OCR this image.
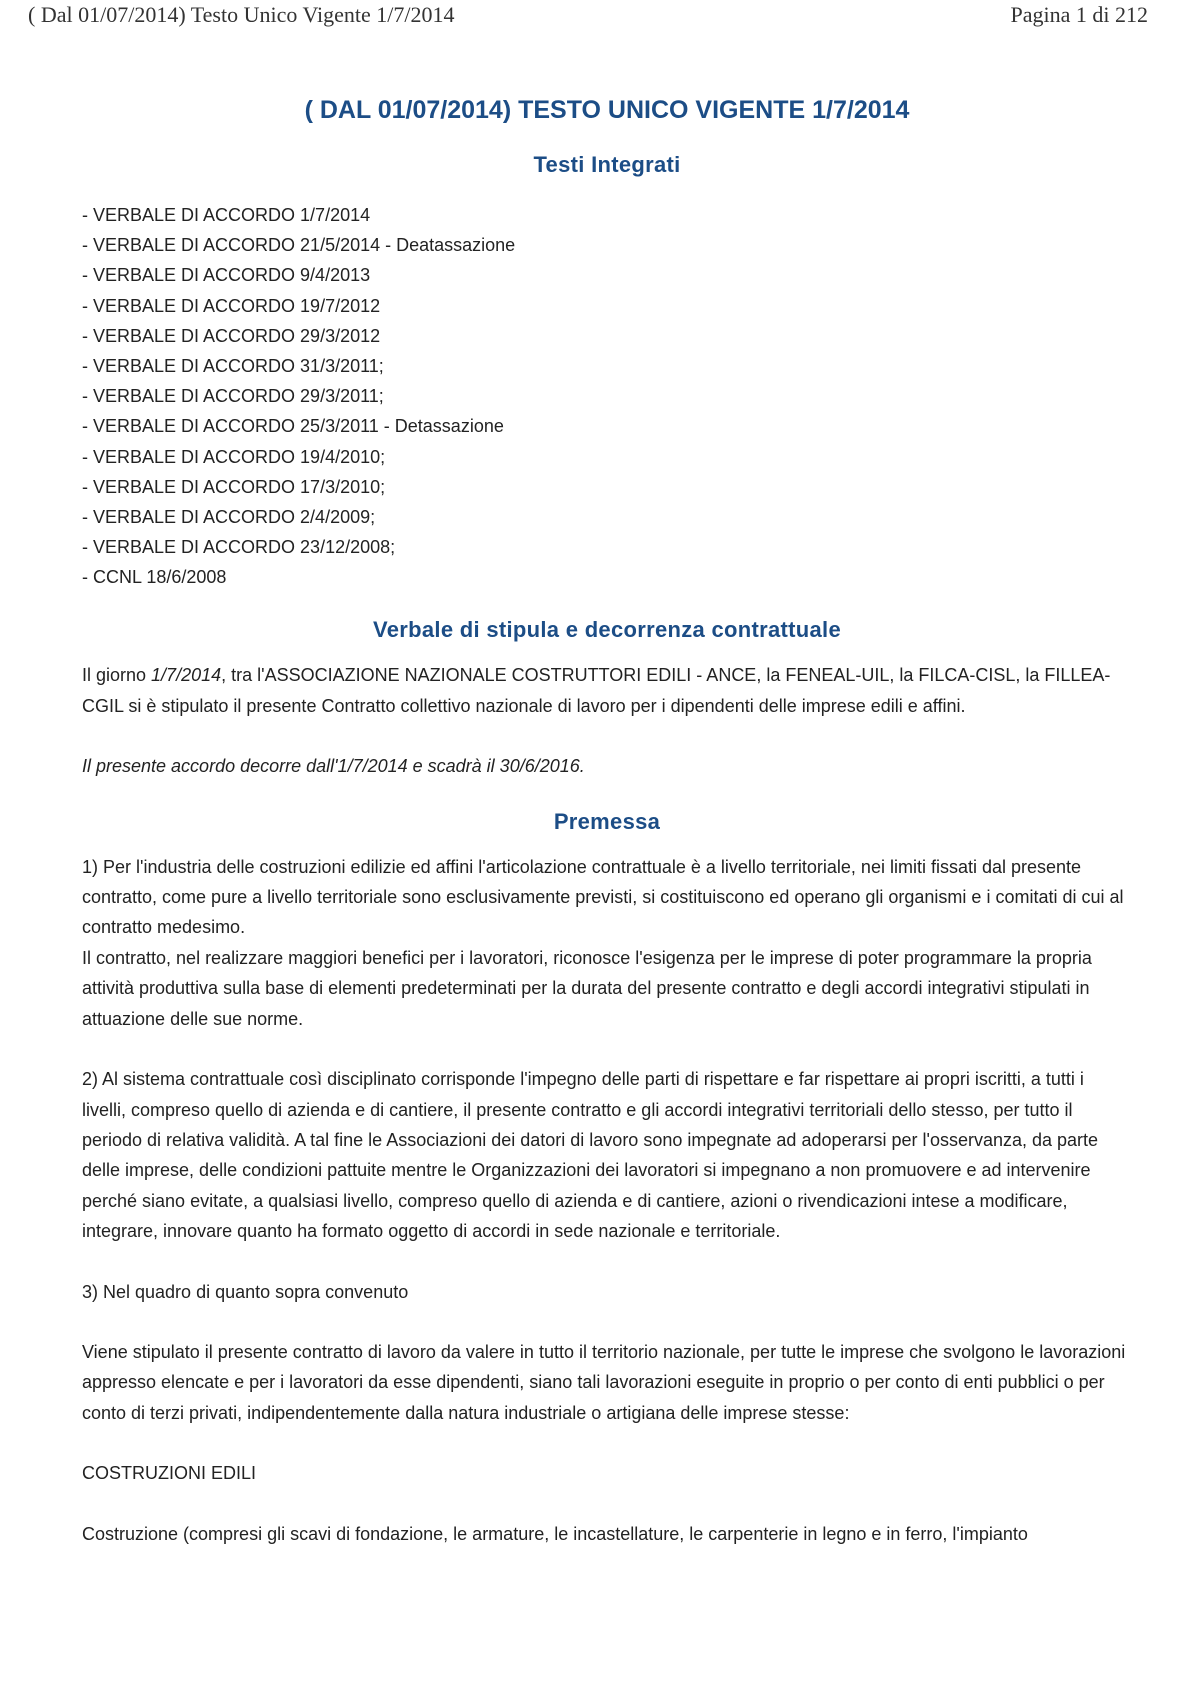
( Dal 01/07/2014) Testo Unico Vigente 1/7/2014	Pagina 1 di 212
( DAL 01/07/2014) TESTO UNICO VIGENTE 1/7/2014
Testi Integrati
- VERBALE DI ACCORDO 1/7/2014
- VERBALE DI ACCORDO 21/5/2014 - Deatassazione
- VERBALE DI ACCORDO 9/4/2013
- VERBALE DI ACCORDO 19/7/2012
- VERBALE DI ACCORDO 29/3/2012
- VERBALE DI ACCORDO 31/3/2011;
- VERBALE DI ACCORDO 29/3/2011;
- VERBALE DI ACCORDO 25/3/2011 - Detassazione
- VERBALE DI ACCORDO 19/4/2010;
- VERBALE DI ACCORDO 17/3/2010;
- VERBALE DI ACCORDO 2/4/2009;
- VERBALE DI ACCORDO 23/12/2008;
- CCNL 18/6/2008
Verbale di stipula e decorrenza contrattuale

Il giorno 1/7/2014, tra l'ASSOCIAZIONE NAZIONALE COSTRUTTORI EDILI - ANCE, la FENEAL-UIL, la FILCA-CISL, la FILLEA-CGIL si è stipulato il presente Contratto collettivo nazionale di lavoro per i dipendenti delle imprese edili e affini.

Il presente accordo decorre dall'1/7/2014 e scadrà il 30/6/2016.

Premessa

1) Per l'industria delle costruzioni edilizie ed affini l'articolazione contrattuale è a livello territoriale, nei limiti fissati dal presente contratto, come pure a livello territoriale sono esclusivamente previsti, si costituiscono ed operano gli organismi e i comitati di cui al contratto medesimo.

Il contratto, nel realizzare maggiori benefici per i lavoratori, riconosce l'esigenza per le imprese di poter programmare la propria attività produttiva sulla base di elementi predeterminati per la durata del presente contratto e degli accordi integrativi stipulati in attuazione delle sue norme.

2) Al sistema contrattuale così disciplinato corrisponde l'impegno delle parti di rispettare e far rispettare ai propri iscritti, a tutti i livelli, compreso quello di azienda e di cantiere, il presente contratto e gli accordi integrativi territoriali dello stesso, per tutto il periodo di relativa validità. A tal fine le Associazioni dei datori di lavoro sono impegnate ad adoperarsi per l'osservanza, da parte delle imprese, delle condizioni pattuite mentre le Organizzazioni dei lavoratori si impegnano a non promuovere e ad intervenire perché siano evitate, a qualsiasi livello, compreso quello di azienda e di cantiere, azioni o rivendicazioni intese a modificare, integrare, innovare quanto ha formato oggetto di accordi in sede nazionale e territoriale.

3) Nel quadro di quanto sopra convenuto

Viene stipulato il presente contratto di lavoro da valere in tutto il territorio nazionale, per tutte le imprese che svolgono le lavorazioni appresso elencate e per i lavoratori da esse dipendenti, siano tali lavorazioni eseguite in proprio o per conto di enti pubblici o per conto di terzi privati, indipendentemente dalla natura industriale o artigiana delle imprese stesse:

COSTRUZIONI EDILI

Costruzione (compresi gli scavi di fondazione, le armature, le incastellature, le carpenterie in legno e in ferro, l'impianto
